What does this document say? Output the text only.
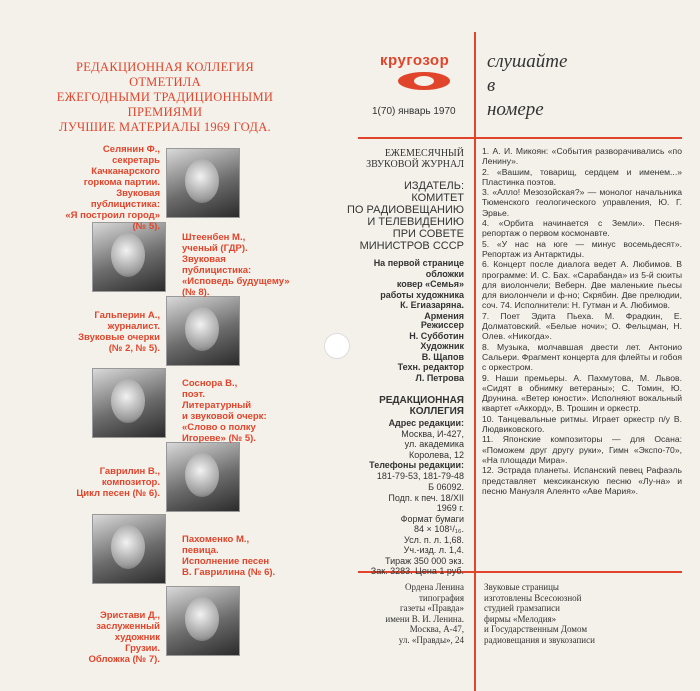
РЕДАКЦИОННАЯ КОЛЛЕГИЯ ОТМЕТИЛА
ЕЖЕГОДНЫМИ ТРАДИЦИОННЫМИ ПРЕМИЯМИ
ЛУЧШИЕ МАТЕРИАЛЫ 1969 ГОДА.
Селянин Ф.,
секретарь
Качканарского
горкома партии.
Звуковая
публицистика:
«Я построил город»
(№ 5).
Штеенбен М.,
ученый (ГДР).
Звуковая
публицистика:
«Исповедь будущему»
(№ 8).
Гальперин А.,
журналист.
Звуковые очерки
(№ 2, № 5).
Соснора В.,
поэт.
Литературный
и звуковой очерк:
«Слово о полку
Игореве» (№ 5).
Гаврилин В.,
композитор.
Цикл песен (№ 6).
Пахоменко М.,
певица.
Исполнение песен
В. Гаврилина (№ 6).
Эристави Д.,
заслуженный
художник
Грузии.
Обложка (№ 7).
кругозор слушайте
в
номере
1(70) январь 1970
ЕЖЕМЕСЯЧНЫЙ
ЗВУКОВОЙ ЖУРНАЛ
ИЗДАТЕЛЬ:
КОМИТЕТ
ПО РАДИОВЕЩАНИЮ
И ТЕЛЕВИДЕНИЮ
ПРИ СОВЕТЕ
МИНИСТРОВ СССР
На первой странице
обложки
ковер «Семья»
работы художника
К. Егиазаряна.
Армения
Режиссер
Н. Субботин
Художник
В. Щапов
Техн. редактор
Л. Петрова
РЕДАКЦИОННАЯ
КОЛЛЕГИЯ
Адрес редакции:
Москва, И-427,
ул. академика
Королева, 12
Телефоны редакции:
181-79-53, 181-79-48
Б 06092.
Подп. к печ. 18/XII
1969 г.
Формат бумаги
84 × 108¹/₁₆.
Усл. п. л. 1,68.
Уч.-изд. л. 1,4.
Тираж 350 000 экз.
Зак. 3283. Цена 1 руб.
1. А. И. Микоян: «События разворачивались «по Ленину».
2. «Вашим, товарищ, сердцем и именем...» Пластинка поэтов.
3. «Алло! Мезозойская?» — монолог начальника Тюменского геологического управления, Ю. Г. Эрвье.
4. «Орбита начинается с Земли». Песня-репортаж о первом космонавте.
5. «У нас на юге — минус восемьдесят». Репортаж из Антарктиды.
6. Концерт после диалога ведет А. Любимов. В программе: И. С. Бах. «Сарабанда» из 5-й сюиты для виолончели; Веберн. Две маленькие пьесы для виолончели и ф-но; Скрябин. Две прелюдии, соч. 74. Исполнители: Н. Гутман и А. Любимов.
7. Поет Эдита Пьеха. М. Фрадкин, Е. Долматовский. «Белые ночи»; О. Фельцман, Н. Олев. «Никогда».
8. Музыка, молчавшая двести лет. Антонио Сальери. Фрагмент концерта для флейты и гобоя с оркестром.
9. Наши премьеры. А. Пахмутова, М. Львов. «Сидят в обнимку ветераны»; С. Томин, Ю. Друнина. «Ветер юности». Исполняют вокальный квартет «Аккорд», В. Трошин и оркестр.
10. Танцевальные ритмы. Играет оркестр п/у В. Людвиковского.
11. Японские композиторы — для Осана: «Поможем друг другу руки», Гимн «Экспо-70», «На площади Мира».
12. Эстрада планеты. Испанский певец Рафаэль представляет мексиканскую песню «Лу-на» и песню Мануэля Алеянто «Аве Мария».
Ордена Ленина
типография
газеты «Правда»
имени В. И. Ленина.
Москва, А-47,
ул. «Правды», 24
Звуковые страницы
изготовлены Всесоюзной
студией грамзаписи
фирмы «Мелодия»
и Государственным Домом
радиовещания и звукозаписи
